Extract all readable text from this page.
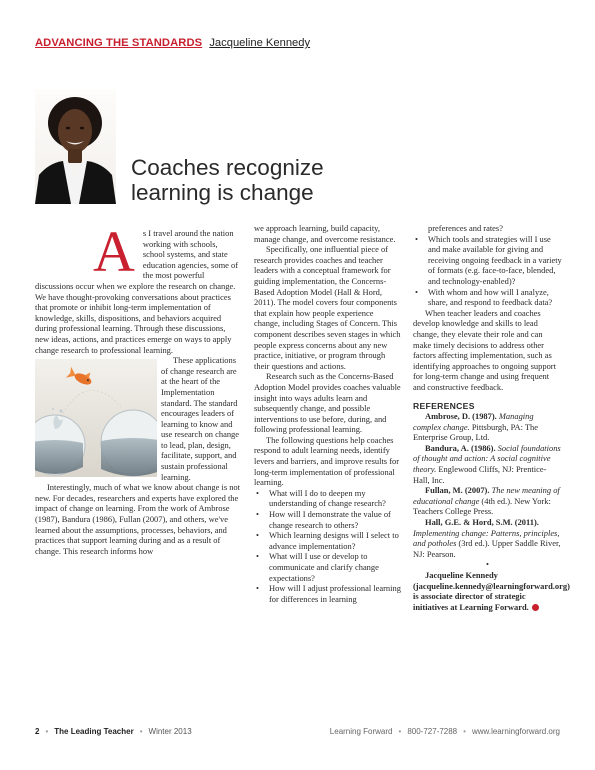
ADVANCING THE STANDARDS Jacqueline Kennedy
Coaches recognize
learning is change
A s I travel around the nation working with schools, school systems, and state education agencies, some of the most powerful discussions occur when we explore the research on change. We have thought-provoking conversations about practices that promote or inhibit long-term implementation of knowledge, skills, dispositions, and behaviors acquired during professional learning. Through these discussions, new ideas, actions, and practices emerge on ways to apply change research to professional learning.

These applications of change research are at the heart of the Implementation standard. The standard encourages leaders of learning to know and use research on change to lead, plan, design, facilitate, support, and sustain professional learning.

Interestingly, much of what we know about change is not new. For decades, researchers and experts have explored the impact of change on learning. From the work of Ambrose (1987), Bandura (1986), Fullan (2007), and others, we've learned about the assumptions, processes, behaviors, and practices that support learning during and as a result of change. This research informs how

we approach learning, build capacity, manage change, and overcome resistance.

Specifically, one influential piece of research provides coaches and teacher leaders with a conceptual framework for guiding implementation, the Concerns-Based Adoption Model (Hall & Hord, 2011). The model covers four components that explain how people experience change, including Stages of Concern. This component describes seven stages in which people express concerns about any new practice, initiative, or program through their questions and actions.

Research such as the Concerns-Based Adoption Model provides coaches valuable insight into ways adults learn and subsequently change, and possible interventions to use before, during, and following professional learning.

The following questions help coaches respond to adult learning needs, identify levers and barriers, and improve results for long-term implementation of professional learning.

• What will I do to deepen my understanding of change research?
• How will I demonstrate the value of change research to others?
• Which learning designs will I select to advance implementation?
• What will I use or develop to communicate and clarify change expectations?
• How will I adjust professional learning for differences in learning

preferences and rates?

• Which tools and strategies will I use and make available for giving and receiving ongoing feedback in a variety of formats (e.g. face-to-face, blended, and technology-enabled)?
• With whom and how will I analyze, share, and respond to feedback data?

When teacher leaders and coaches develop knowledge and skills to lead change, they elevate their role and can make timely decisions to address other factors affecting implementation, such as identifying approaches to ongoing support for long-term change and using frequent and constructive feedback.

REFERENCES

Ambrose, D. (1987). Managing complex change. Pittsburgh, PA: The Enterprise Group, Ltd.

Bandura, A. (1986). Social foundations of thought and action: A social cognitive theory. Englewood Cliffs, NJ: Prentice- Hall, Inc.

Fullan, M. (2007). The new meaning of educational change (4th ed.). New York: Teachers College Press.

Hall, G.E. & Hord, S.M. (2011). Implementing change: Patterns, principles, and potholes (3rd ed.). Upper Saddle River, NJ: Pearson.

•

Jacqueline Kennedy (jacqueline.kennedy@learningforward.org) is associate director of strategic initiatives at Learning Forward.

2 • The Leading Teacher • Winter 2013	Learning Forward • 800-727-7288 • www.learningforward.org
